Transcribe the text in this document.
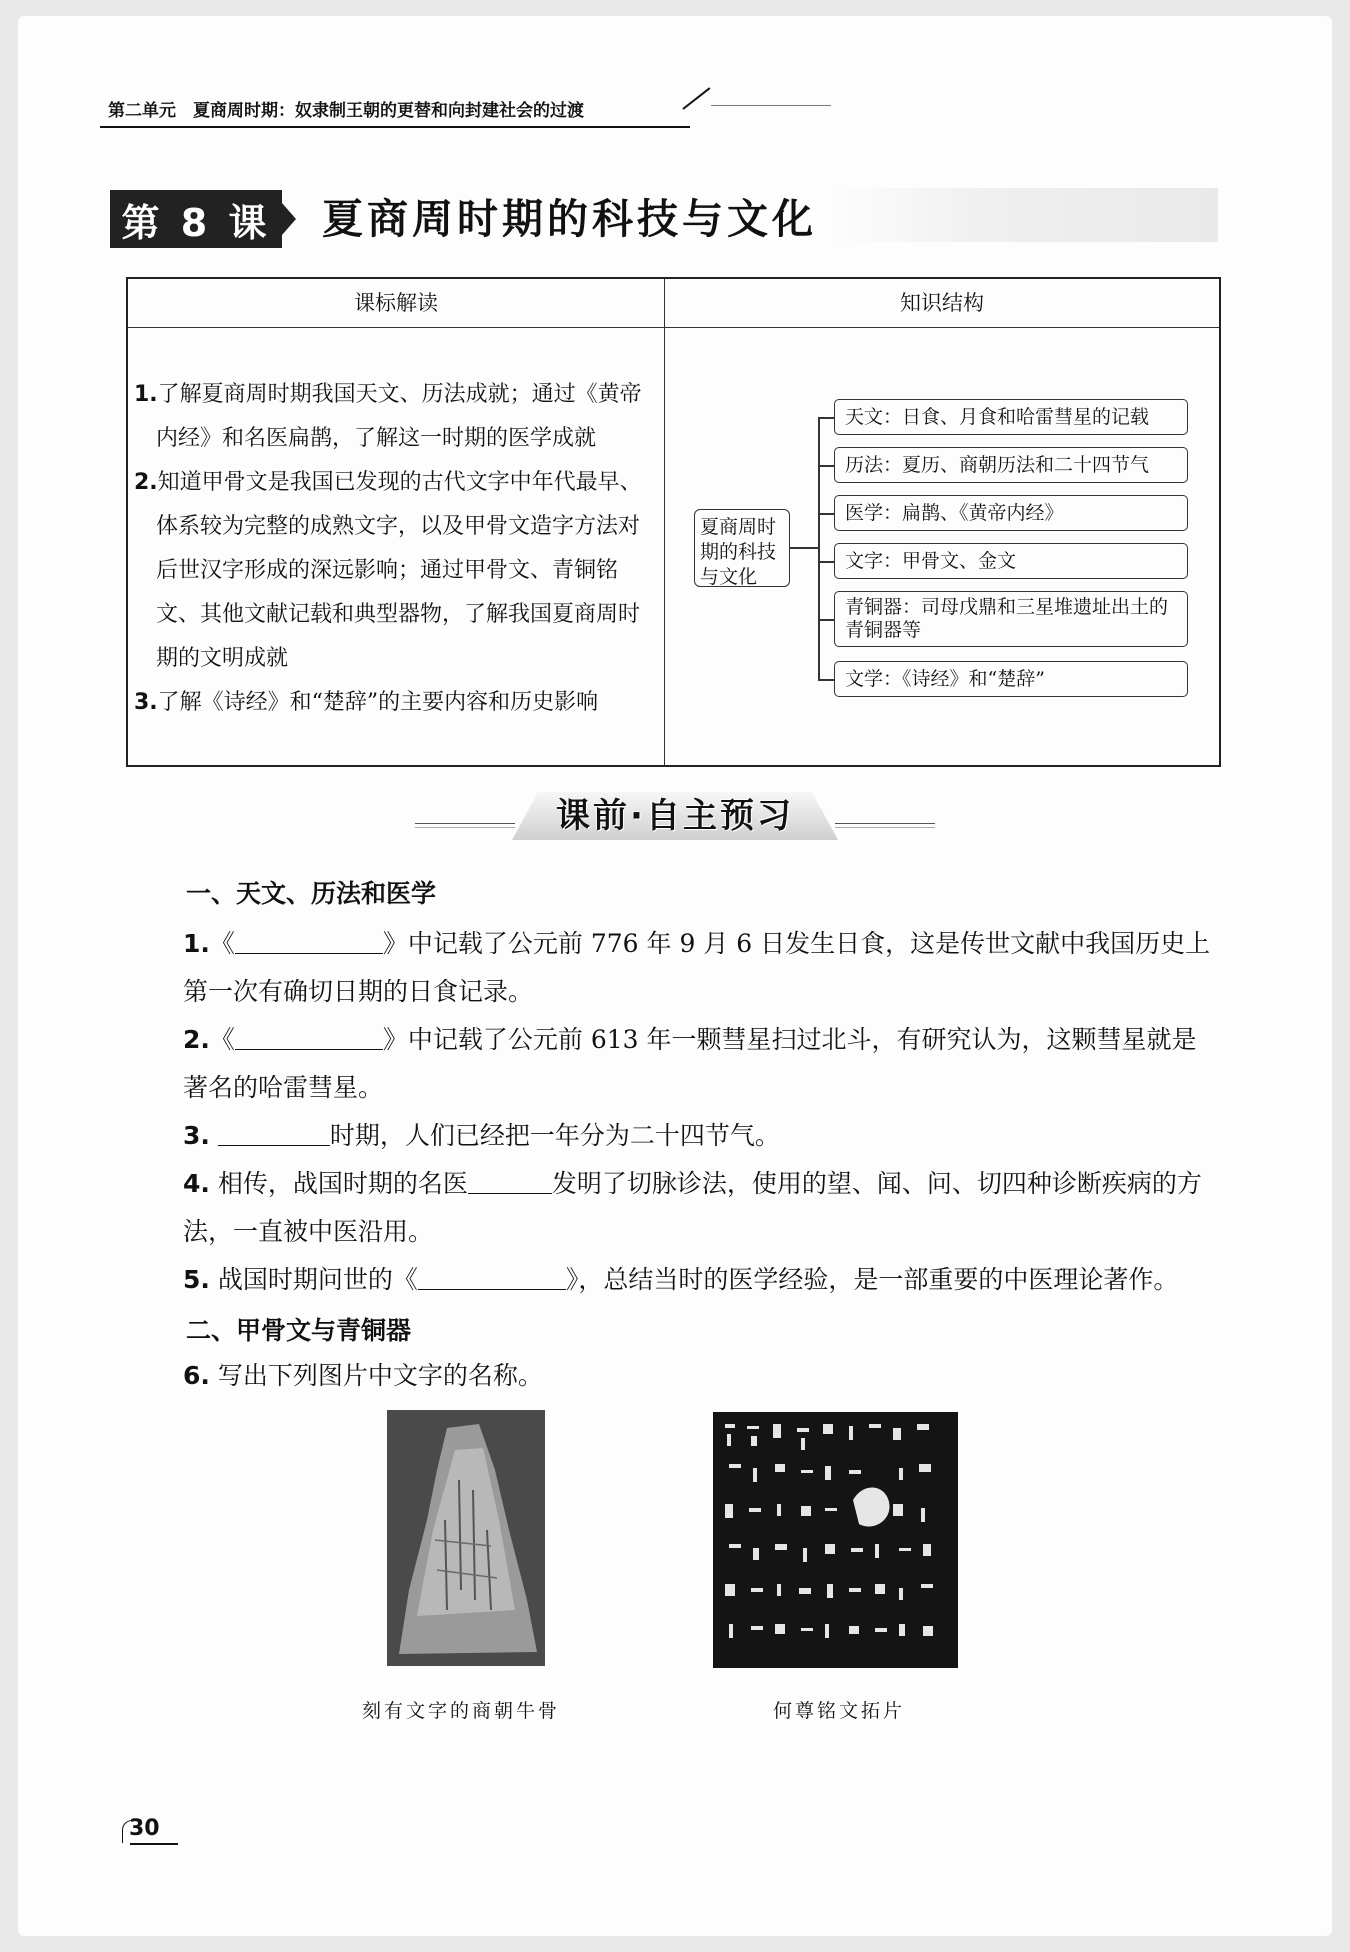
第二单元　夏商周时期：奴隶制王朝的更替和向封建社会的过渡
第 8 课 夏商周时期的科技与文化
课标解读	知识结构

1.了解夏商周时期我国天文、历法成就；通过《黄帝内经》和名医扁鹊，了解这一时期的医学成就

2.知道甲骨文是我国已发现的古代文字中年代最早、体系较为完整的成熟文字，以及甲骨文造字方法对后世汉字形成的深远影响；通过甲骨文、青铜铭文、其他文献记载和典型器物，了解我国夏商周时期的文明成就

3.了解《诗经》和“楚辞”的主要内容和历史影响

夏商周时期的科技与文化
天文：日食、月食和哈雷彗星的记载
历法：夏历、商朝历法和二十四节气
医学：扁鹊、《黄帝内经》
文字：甲骨文、金文
青铜器：司母戊鼎和三星堆遗址出土的青铜器等
文学：《诗经》和“楚辞”
课前·自主预习
一、天文、历法和医学
1.《	》中记载了公元前 776 年 9 月 6 日发生日食，这是传世文献中我国历史上第一次有确切日期的日食记录。
2.《	》中记载了公元前 613 年一颗彗星扫过北斗，有研究认为，这颗彗星就是著名的哈雷彗星。
3.	时期，人们已经把一年分为二十四节气。
4. 相传，战国时期的名医	发明了切脉诊法，使用的望、闻、问、切四种诊断疾病的方法，一直被中医沿用。
5. 战国时期问世的《	》，总结当时的医学经验，是一部重要的中医理论著作。
二、甲骨文与青铜器
6. 写出下列图片中文字的名称。
刻有文字的商朝牛骨	何尊铭文拓片
30
